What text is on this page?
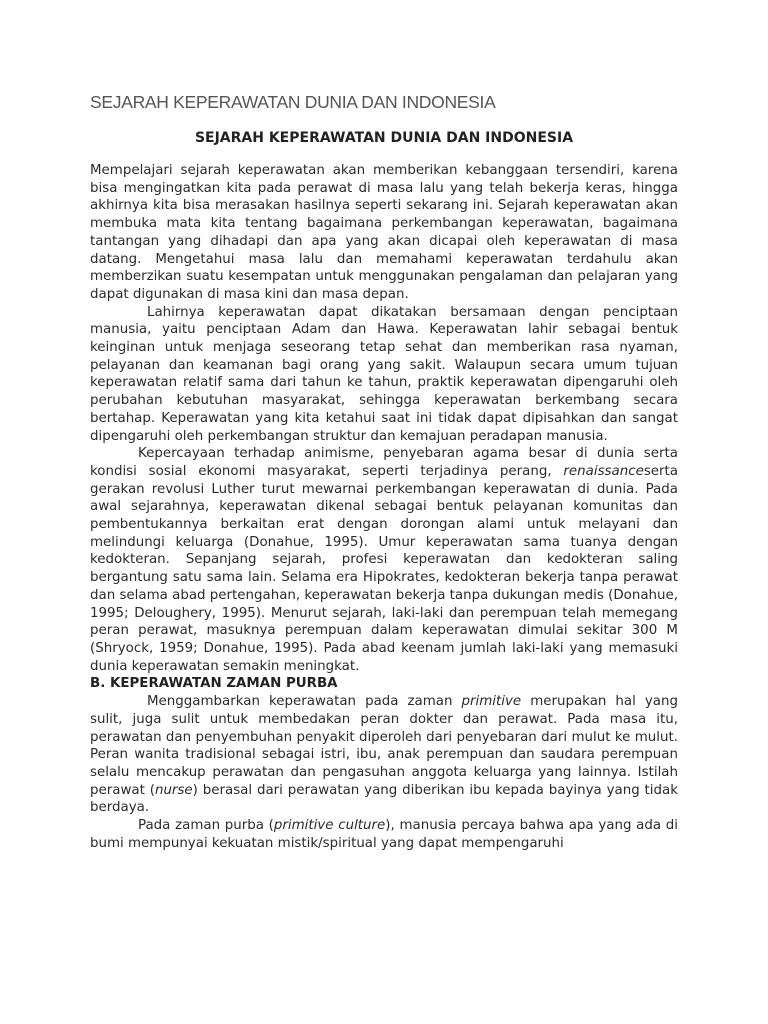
SEJARAH KEPERAWATAN DUNIA DAN INDONESIA
SEJARAH KEPERAWATAN DUNIA DAN INDONESIA

Mempelajari sejarah keperawatan akan memberikan kebanggaan tersendiri, karena bisa mengingatkan kita pada perawat di masa lalu yang telah bekerja keras, hingga akhirnya kita bisa merasakan hasilnya seperti sekarang ini. Sejarah keperawatan akan membuka mata kita tentang bagaimana perkembangan keperawatan, bagaimana tantangan yang dihadapi dan apa yang akan dicapai oleh keperawatan di masa datang. Mengetahui masa lalu dan memahami keperawatan terdahulu akan memberzikan suatu kesempatan untuk menggunakan pengalaman dan pelajaran yang dapat digunakan di masa kini dan masa depan.

Lahirnya keperawatan dapat dikatakan bersamaan dengan penciptaan manusia, yaitu penciptaan Adam dan Hawa. Keperawatan lahir sebagai bentuk keinginan untuk menjaga seseorang tetap sehat dan memberikan rasa nyaman, pelayanan dan keamanan bagi orang yang sakit. Walaupun secara umum tujuan keperawatan relatif sama dari tahun ke tahun, praktik keperawatan dipengaruhi oleh perubahan kebutuhan masyarakat, sehingga keperawatan berkembang secara bertahap. Keperawatan yang kita ketahui saat ini tidak dapat dipisahkan dan sangat dipengaruhi oleh perkembangan struktur dan kemajuan peradapan manusia.

Kepercayaan terhadap animisme, penyebaran agama besar di dunia serta kondisi sosial ekonomi masyarakat, seperti terjadinya perang, renaissanceserta gerakan revolusi Luther turut mewarnai perkembangan keperawatan di dunia. Pada awal sejarahnya, keperawatan dikenal sebagai bentuk pelayanan komunitas dan pembentukannya berkaitan erat dengan dorongan alami untuk melayani dan melindungi keluarga (Donahue, 1995). Umur keperawatan sama tuanya dengan kedokteran. Sepanjang sejarah, profesi keperawatan dan kedokteran saling bergantung satu sama lain. Selama era Hipokrates, kedokteran bekerja tanpa perawat dan selama abad pertengahan, keperawatan bekerja tanpa dukungan medis (Donahue, 1995; Deloughery, 1995). Menurut sejarah, laki-laki dan perempuan telah memegang peran perawat, masuknya perempuan dalam keperawatan dimulai sekitar 300 M (Shryock, 1959; Donahue, 1995). Pada abad keenam jumlah laki-laki yang memasuki dunia keperawatan semakin meningkat.

B. KEPERAWATAN ZAMAN PURBA

Menggambarkan keperawatan pada zaman primitive merupakan hal yang sulit, juga sulit untuk membedakan peran dokter dan perawat. Pada masa itu, perawatan dan penyembuhan penyakit diperoleh dari penyebaran dari mulut ke mulut. Peran wanita tradisional sebagai istri, ibu, anak perempuan dan saudara perempuan selalu mencakup perawatan dan pengasuhan anggota keluarga yang lainnya. Istilah perawat (nurse) berasal dari perawatan yang diberikan ibu kepada bayinya yang tidak berdaya.

Pada zaman purba (primitive culture), manusia percaya bahwa apa yang ada di bumi mempunyai kekuatan mistik/spiritual yang dapat mempengaruhi
